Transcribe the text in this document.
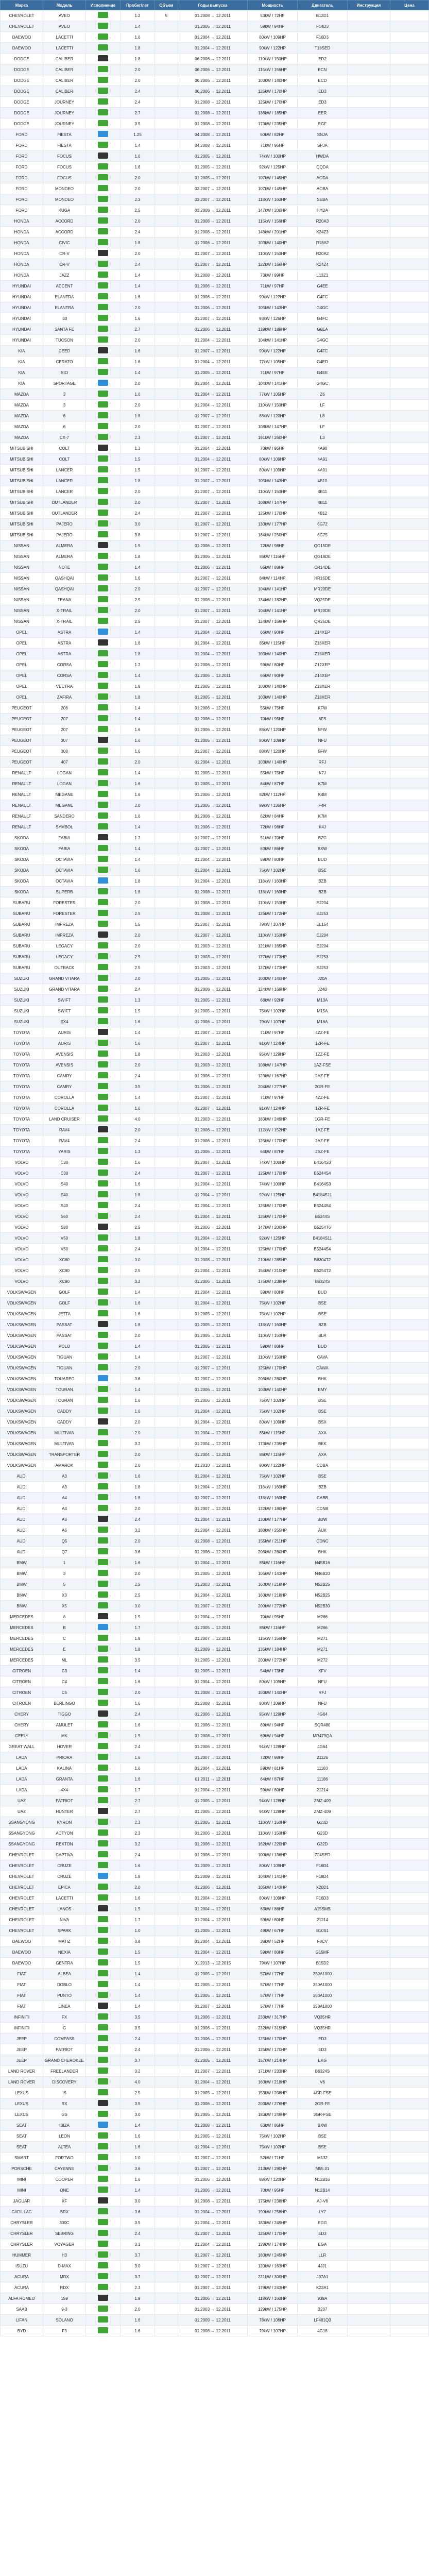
Марка	Модель	Исполнение	Пробег/лет	Объем	Годы выпуска	Мощность	Двигатель	Инструкция	Цена
CHEVROLET	AVEO		1.2	5	01.2008 → 12.2011	53kW / 72HP	B12D1		
CHEVROLET	AVEO		1.4		01.2006 → 12.2011	69kW / 94HP	F14D3		
DAEWOO	LACETTI		1.6		01.2004 → 12.2011	80kW / 109HP	F16D3		
DAEWOO	LACETTI		1.8		01.2004 → 12.2011	90kW / 122HP	T18SED		
DODGE	CALIBER		1.8		06.2006 → 12.2011	110kW / 150HP	ED2		
DODGE	CALIBER		2.0		06.2006 → 12.2011	115kW / 156HP	ECN		
DODGE	CALIBER		2.0		06.2006 → 12.2011	103kW / 140HP	ECD		
DODGE	CALIBER		2.4		06.2006 → 12.2011	125kW / 170HP	ED3		
DODGE	JOURNEY		2.4		01.2008 → 12.2011	125kW / 170HP	ED3		
DODGE	JOURNEY		2.7		01.2008 → 12.2011	136kW / 185HP	EER		
DODGE	JOURNEY		3.5		01.2008 → 12.2011	173kW / 235HP	EGF		
FORD	FIESTA		1.25		04.2008 → 12.2011	60kW / 82HP	SNJA		
FORD	FIESTA		1.4		04.2008 → 12.2011	71kW / 96HP	SPJA		
FORD	FOCUS		1.6		01.2005 → 12.2011	74kW / 100HP	HWDA		
FORD	FOCUS		1.8		01.2005 → 12.2011	92kW / 125HP	QQDA		
FORD	FOCUS		2.0		01.2005 → 12.2011	107kW / 145HP	AODA		
FORD	MONDEO		2.0		03.2007 → 12.2011	107kW / 145HP	AOBA		
FORD	MONDEO		2.3		03.2007 → 12.2011	118kW / 160HP	SEBA		
FORD	KUGA		2.5		03.2008 → 12.2011	147kW / 200HP	HYDA		
HONDA	ACCORD		2.0		01.2008 → 12.2011	115kW / 156HP	R20A3		
HONDA	ACCORD		2.4		01.2008 → 12.2011	148kW / 201HP	K24Z3		
HONDA	CIVIC		1.8		01.2006 → 12.2011	103kW / 140HP	R18A2		
HONDA	CR-V		2.0		01.2007 → 12.2011	110kW / 150HP	R20A2		
HONDA	CR-V		2.4		01.2007 → 12.2011	122kW / 166HP	K24Z4		
HONDA	JAZZ		1.4		01.2008 → 12.2011	73kW / 99HP	L13Z1		
HYUNDAI	ACCENT		1.4		01.2006 → 12.2011	71kW / 97HP	G4EE		
HYUNDAI	ELANTRA		1.6		01.2006 → 12.2011	90kW / 122HP	G4FC		
HYUNDAI	ELANTRA		2.0		01.2006 → 12.2011	105kW / 143HP	G4GC		
HYUNDAI	i30		1.6		01.2007 → 12.2011	93kW / 126HP	G4FC		
HYUNDAI	SANTA FE		2.7		01.2006 → 12.2011	139kW / 189HP	G6EA		
HYUNDAI	TUCSON		2.0		01.2004 → 12.2011	104kW / 141HP	G4GC		
KIA	CEED		1.6		01.2007 → 12.2011	90kW / 122HP	G4FC		
KIA	CERATO		1.6		01.2004 → 12.2011	77kW / 105HP	G4ED		
KIA	RIO		1.4		01.2005 → 12.2011	71kW / 97HP	G4EE		
KIA	SPORTAGE		2.0		01.2004 → 12.2011	104kW / 141HP	G4GC		
MAZDA	3		1.6		01.2004 → 12.2011	77kW / 105HP	Z6		
MAZDA	3		2.0		01.2004 → 12.2011	110kW / 150HP	LF		
MAZDA	6		1.8		01.2007 → 12.2011	88kW / 120HP	L8		
MAZDA	6		2.0		01.2007 → 12.2011	108kW / 147HP	LF		
MAZDA	CX-7		2.3		01.2007 → 12.2011	191kW / 260HP	L3		
MITSUBISHI	COLT		1.3		01.2004 → 12.2011	70kW / 95HP	4A90		
MITSUBISHI	COLT		1.5		01.2004 → 12.2011	80kW / 109HP	4A91		
MITSUBISHI	LANCER		1.5		01.2007 → 12.2011	80kW / 109HP	4A91		
MITSUBISHI	LANCER		1.8		01.2007 → 12.2011	105kW / 143HP	4B10		
MITSUBISHI	LANCER		2.0		01.2007 → 12.2011	110kW / 150HP	4B11		
MITSUBISHI	OUTLANDER		2.0		01.2007 → 12.2011	108kW / 147HP	4B11		
MITSUBISHI	OUTLANDER		2.4		01.2007 → 12.2011	125kW / 170HP	4B12		
MITSUBISHI	PAJERO		3.0		01.2007 → 12.2011	130kW / 177HP	6G72		
MITSUBISHI	PAJERO		3.8		01.2007 → 12.2011	184kW / 250HP	6G75		
NISSAN	ALMERA		1.5		01.2006 → 12.2011	72kW / 98HP	QG15DE		
NISSAN	ALMERA		1.8		01.2006 → 12.2011	85kW / 116HP	QG18DE		
NISSAN	NOTE		1.4		01.2006 → 12.2011	65kW / 88HP	CR14DE		
NISSAN	QASHQAI		1.6		01.2007 → 12.2011	84kW / 114HP	HR16DE		
NISSAN	QASHQAI		2.0		01.2007 → 12.2011	104kW / 141HP	MR20DE		
NISSAN	TEANA		2.5		01.2008 → 12.2011	134kW / 182HP	VQ25DE		
NISSAN	X-TRAIL		2.0		01.2007 → 12.2011	104kW / 141HP	MR20DE		
NISSAN	X-TRAIL		2.5		01.2007 → 12.2011	124kW / 169HP	QR25DE		
OPEL	ASTRA		1.4		01.2004 → 12.2011	66kW / 90HP	Z14XEP		
OPEL	ASTRA		1.6		01.2004 → 12.2011	85kW / 115HP	Z16XER		
OPEL	ASTRA		1.8		01.2004 → 12.2011	103kW / 140HP	Z18XER		
OPEL	CORSA		1.2		01.2006 → 12.2011	59kW / 80HP	Z12XEP		
OPEL	CORSA		1.4		01.2006 → 12.2011	66kW / 90HP	Z14XEP		
OPEL	VECTRA		1.8		01.2005 → 12.2011	103kW / 140HP	Z18XER		
OPEL	ZAFIRA		1.8		01.2005 → 12.2011	103kW / 140HP	Z18XER		
PEUGEOT	206		1.4		01.2006 → 12.2011	55kW / 75HP	KFW		
PEUGEOT	207		1.4		01.2006 → 12.2011	70kW / 95HP	8FS		
PEUGEOT	207		1.6		01.2006 → 12.2011	88kW / 120HP	5FW		
PEUGEOT	307		1.6		01.2005 → 12.2011	80kW / 109HP	NFU		
PEUGEOT	308		1.6		01.2007 → 12.2011	88kW / 120HP	5FW		
PEUGEOT	407		2.0		01.2004 → 12.2011	103kW / 140HP	RFJ		
RENAULT	LOGAN		1.4		01.2005 → 12.2011	55kW / 75HP	K7J		
RENAULT	LOGAN		1.6		01.2005 → 12.2011	64kW / 87HP	K7M		
RENAULT	MEGANE		1.6		01.2006 → 12.2011	82kW / 112HP	K4M		
RENAULT	MEGANE		2.0		01.2006 → 12.2011	99kW / 135HP	F4R		
RENAULT	SANDERO		1.6		01.2008 → 12.2011	62kW / 84HP	K7M		
RENAULT	SYMBOL		1.4		01.2006 → 12.2011	72kW / 98HP	K4J		
SKODA	FABIA		1.2		01.2007 → 12.2011	51kW / 70HP	BZG		
SKODA	FABIA		1.4		01.2007 → 12.2011	63kW / 86HP	BXW		
SKODA	OCTAVIA		1.4		01.2004 → 12.2011	59kW / 80HP	BUD		
SKODA	OCTAVIA		1.6		01.2004 → 12.2011	75kW / 102HP	BSE		
SKODA	OCTAVIA		1.8		01.2004 → 12.2011	118kW / 160HP	BZB		
SKODA	SUPERB		1.8		01.2008 → 12.2011	118kW / 160HP	BZB		
SUBARU	FORESTER		2.0		01.2008 → 12.2011	110kW / 150HP	EJ204		
SUBARU	FORESTER		2.5		01.2008 → 12.2011	126kW / 172HP	EJ253		
SUBARU	IMPREZA		1.5		01.2007 → 12.2011	79kW / 107HP	EL154		
SUBARU	IMPREZA		2.0		01.2007 → 12.2011	110kW / 150HP	EJ204		
SUBARU	LEGACY		2.0		01.2003 → 12.2011	121kW / 165HP	EJ204		
SUBARU	LEGACY		2.5		01.2003 → 12.2011	127kW / 173HP	EJ253		
SUBARU	OUTBACK		2.5		01.2003 → 12.2011	127kW / 173HP	EJ253		
SUZUKI	GRAND VITARA		2.0		01.2005 → 12.2011	103kW / 140HP	J20A		
SUZUKI	GRAND VITARA		2.4		01.2008 → 12.2011	124kW / 169HP	J24B		
SUZUKI	SWIFT		1.3		01.2005 → 12.2011	68kW / 92HP	M13A		
SUZUKI	SWIFT		1.5		01.2005 → 12.2011	75kW / 102HP	M15A		
SUZUKI	SX4		1.6		01.2006 → 12.2011	79kW / 107HP	M16A		
TOYOTA	AURIS		1.4		01.2007 → 12.2011	71kW / 97HP	4ZZ-FE		
TOYOTA	AURIS		1.6		01.2007 → 12.2011	91kW / 124HP	1ZR-FE		
TOYOTA	AVENSIS		1.8		01.2003 → 12.2011	95kW / 129HP	1ZZ-FE		
TOYOTA	AVENSIS		2.0		01.2003 → 12.2011	108kW / 147HP	1AZ-FSE		
TOYOTA	CAMRY		2.4		01.2006 → 12.2011	123kW / 167HP	2AZ-FE		
TOYOTA	CAMRY		3.5		01.2006 → 12.2011	204kW / 277HP	2GR-FE		
TOYOTA	COROLLA		1.4		01.2007 → 12.2011	71kW / 97HP	4ZZ-FE		
TOYOTA	COROLLA		1.6		01.2007 → 12.2011	91kW / 124HP	1ZR-FE		
TOYOTA	LAND CRUISER		4.0		01.2003 → 12.2011	183kW / 249HP	1GR-FE		
TOYOTA	RAV4		2.0		01.2006 → 12.2011	112kW / 152HP	1AZ-FE		
TOYOTA	RAV4		2.4		01.2006 → 12.2011	125kW / 170HP	2AZ-FE		
TOYOTA	YARIS		1.3		01.2006 → 12.2011	64kW / 87HP	2SZ-FE		
VOLVO	C30		1.6		01.2007 → 12.2011	74kW / 100HP	B4164S3		
VOLVO	C30		2.4		01.2007 → 12.2011	125kW / 170HP	B5244S4		
VOLVO	S40		1.6		01.2004 → 12.2011	74kW / 100HP	B4164S3		
VOLVO	S40		1.8		01.2004 → 12.2011	92kW / 125HP	B4184S11		
VOLVO	S40		2.4		01.2004 → 12.2011	125kW / 170HP	B5244S4		
VOLVO	S60		2.4		01.2004 → 12.2011	125kW / 170HP	B5244S		
VOLVO	S80		2.5		01.2006 → 12.2011	147kW / 200HP	B5254T6		
VOLVO	V50		1.8		01.2004 → 12.2011	92kW / 125HP	B4184S11		
VOLVO	V50		2.4		01.2004 → 12.2011	125kW / 170HP	B5244S4		
VOLVO	XC60		3.0		01.2008 → 12.2011	210kW / 285HP	B6304T2		
VOLVO	XC90		2.5		01.2004 → 12.2011	154kW / 210HP	B5254T2		
VOLVO	XC90		3.2		01.2006 → 12.2011	175kW / 238HP	B6324S		
VOLKSWAGEN	GOLF		1.4		01.2004 → 12.2011	59kW / 80HP	BUD		
VOLKSWAGEN	GOLF		1.6		01.2004 → 12.2011	75kW / 102HP	BSE		
VOLKSWAGEN	JETTA		1.6		01.2005 → 12.2011	75kW / 102HP	BSE		
VOLKSWAGEN	PASSAT		1.8		01.2005 → 12.2011	118kW / 160HP	BZB		
VOLKSWAGEN	PASSAT		2.0		01.2005 → 12.2011	110kW / 150HP	BLR		
VOLKSWAGEN	POLO		1.4		01.2005 → 12.2011	59kW / 80HP	BUD		
VOLKSWAGEN	TIGUAN		1.4		01.2007 → 12.2011	110kW / 150HP	CAVA		
VOLKSWAGEN	TIGUAN		2.0		01.2007 → 12.2011	125kW / 170HP	CAWA		
VOLKSWAGEN	TOUAREG		3.6		01.2007 → 12.2011	206kW / 280HP	BHK		
VOLKSWAGEN	TOURAN		1.4		01.2006 → 12.2011	103kW / 140HP	BMY		
VOLKSWAGEN	TOURAN		1.6		01.2006 → 12.2011	75kW / 102HP	BSE		
VOLKSWAGEN	CADDY		1.6		01.2004 → 12.2011	75kW / 102HP	BSE		
VOLKSWAGEN	CADDY		2.0		01.2004 → 12.2011	80kW / 109HP	BSX		
VOLKSWAGEN	MULTIVAN		2.0		01.2004 → 12.2011	85kW / 115HP	AXA		
VOLKSWAGEN	MULTIVAN		3.2		01.2004 → 12.2011	173kW / 235HP	BKK		
VOLKSWAGEN	TRANSPORTER		2.0		01.2004 → 12.2011	85kW / 115HP	AXA		
VOLKSWAGEN	AMAROK		2.0		01.2010 → 12.2011	90kW / 122HP	CDBA		
AUDI	A3		1.6		01.2004 → 12.2011	75kW / 102HP	BSE		
AUDI	A3		1.8		01.2004 → 12.2011	118kW / 160HP	BZB		
AUDI	A4		1.8		01.2007 → 12.2011	118kW / 160HP	CABB		
AUDI	A4		2.0		01.2007 → 12.2011	132kW / 180HP	CDNB		
AUDI	A6		2.4		01.2004 → 12.2011	130kW / 177HP	BDW		
AUDI	A6		3.2		01.2004 → 12.2011	188kW / 255HP	AUK		
AUDI	Q5		2.0		01.2008 → 12.2011	155kW / 211HP	CDNC		
AUDI	Q7		3.6		01.2006 → 12.2011	206kW / 280HP	BHK		
BMW	1		1.6		01.2004 → 12.2011	85kW / 116HP	N45B16		
BMW	3		2.0		01.2005 → 12.2011	105kW / 143HP	N46B20		
BMW	5		2.5		01.2003 → 12.2011	160kW / 218HP	N52B25		
BMW	X3		2.5		01.2004 → 12.2011	160kW / 218HP	N52B25		
BMW	X5		3.0		01.2007 → 12.2011	200kW / 272HP	N52B30		
MERCEDES	A		1.5		01.2004 → 12.2011	70kW / 95HP	M266		
MERCEDES	B		1.7		01.2005 → 12.2011	85kW / 116HP	M266		
MERCEDES	C		1.8		01.2007 → 12.2011	115kW / 156HP	M271		
MERCEDES	E		1.8		01.2009 → 12.2011	135kW / 184HP	M271		
MERCEDES	ML		3.5		01.2005 → 12.2011	200kW / 272HP	M272		
CITROEN	C3		1.4		01.2005 → 12.2011	54kW / 73HP	KFV		
CITROEN	C4		1.6		01.2004 → 12.2011	80kW / 109HP	NFU		
CITROEN	C5		2.0		01.2008 → 12.2011	103kW / 140HP	RFJ		
CITROEN	BERLINGO		1.6		01.2008 → 12.2011	80kW / 109HP	NFU		
CHERY	TIGGO		2.4		01.2006 → 12.2011	95kW / 129HP	4G64		
CHERY	AMULET		1.6		01.2006 → 12.2011	69kW / 94HP	SQR480		
GEELY	MK		1.5		01.2008 → 12.2011	69kW / 94HP	MR479QA		
GREAT WALL	HOVER		2.4		01.2006 → 12.2011	94kW / 128HP	4G64		
LADA	PRIORA		1.6		01.2007 → 12.2011	72kW / 98HP	21126		
LADA	KALINA		1.6		01.2004 → 12.2011	59kW / 81HP	11183		
LADA	GRANTA		1.6		01.2011 → 12.2011	64kW / 87HP	11186		
LADA	4X4		1.7		01.2004 → 12.2011	59kW / 80HP	21214		
UAZ	PATRIOT		2.7		01.2005 → 12.2011	94kW / 128HP	ZMZ-409		
UAZ	HUNTER		2.7		01.2005 → 12.2011	94kW / 128HP	ZMZ-409		
SSANGYONG	KYRON		2.3		01.2005 → 12.2011	110kW / 150HP	G23D		
SSANGYONG	ACTYON		2.3		01.2006 → 12.2011	110kW / 150HP	G23D		
SSANGYONG	REXTON		3.2		01.2006 → 12.2011	162kW / 220HP	G32D		
CHEVROLET	CAPTIVA		2.4		01.2006 → 12.2011	100kW / 136HP	Z24SED		
CHEVROLET	CRUZE		1.6		01.2009 → 12.2011	80kW / 109HP	F16D4		
CHEVROLET	CRUZE		1.8		01.2009 → 12.2011	104kW / 141HP	F18D4		
CHEVROLET	EPICA		2.0		01.2006 → 12.2011	105kW / 143HP	X20D1		
CHEVROLET	LACETTI		1.6		01.2004 → 12.2011	80kW / 109HP	F16D3		
CHEVROLET	LANOS		1.5		01.2004 → 12.2011	63kW / 86HP	A15SMS		
CHEVROLET	NIVA		1.7		01.2004 → 12.2011	59kW / 80HP	21214		
CHEVROLET	SPARK		1.0		01.2005 → 12.2011	49kW / 67HP	B10S1		
DAEWOO	MATIZ		0.8		01.2004 → 12.2011	38kW / 52HP	F8CV		
DAEWOO	NEXIA		1.5		01.2004 → 12.2011	59kW / 80HP	G15MF		
DAEWOO	GENTRA		1.5		01.2013 → 12.2015	79kW / 107HP	B15D2		
FIAT	ALBEA		1.4		01.2005 → 12.2011	57kW / 77HP	350A1000		
FIAT	DOBLO		1.4		01.2005 → 12.2011	57kW / 77HP	350A1000		
FIAT	PUNTO		1.4		01.2005 → 12.2011	57kW / 77HP	350A1000		
FIAT	LINEA		1.4		01.2007 → 12.2011	57kW / 77HP	350A1000		
INFINITI	FX		3.5		01.2006 → 12.2011	233kW / 317HP	VQ35HR		
INFINITI	G		3.5		01.2006 → 12.2011	232kW / 315HP	VQ35HR		
JEEP	COMPASS		2.4		01.2006 → 12.2011	125kW / 170HP	ED3		
JEEP	PATRIOT		2.4		01.2006 → 12.2011	125kW / 170HP	ED3		
JEEP	GRAND CHEROKEE		3.7		01.2005 → 12.2011	157kW / 214HP	EKG		
LAND ROVER	FREELANDER		3.2		01.2007 → 12.2011	171kW / 233HP	B6324S		
LAND ROVER	DISCOVERY		4.0		01.2004 → 12.2011	160kW / 218HP	V6		
LEXUS	IS		2.5		01.2005 → 12.2011	153kW / 208HP	4GR-FSE		
LEXUS	RX		3.5		01.2006 → 12.2011	203kW / 276HP	2GR-FE		
LEXUS	GS		3.0		01.2005 → 12.2011	183kW / 249HP	3GR-FSE		
SEAT	IBIZA		1.4		01.2008 → 12.2011	63kW / 86HP	BXW		
SEAT	LEON		1.6		01.2005 → 12.2011	75kW / 102HP	BSE		
SEAT	ALTEA		1.6		01.2004 → 12.2011	75kW / 102HP	BSE		
SMART	FORTWO		1.0		01.2007 → 12.2011	52kW / 71HP	M132		
PORSCHE	CAYENNE		3.6		01.2007 → 12.2011	213kW / 290HP	M55.01		
MINI	COOPER		1.6		01.2006 → 12.2011	88kW / 120HP	N12B16		
MINI	ONE		1.4		01.2006 → 12.2011	70kW / 95HP	N12B14		
JAGUAR	XF		3.0		01.2008 → 12.2011	175kW / 238HP	AJ-V6		
CADILLAC	SRX		3.6		01.2004 → 12.2011	190kW / 258HP	LY7		
CHRYSLER	300C		3.5		01.2004 → 12.2011	183kW / 249HP	EGG		
CHRYSLER	SEBRING		2.4		01.2007 → 12.2011	125kW / 170HP	ED3		
CHRYSLER	VOYAGER		3.3		01.2004 → 12.2011	128kW / 174HP	EGA		
HUMMER	H3		3.7		01.2007 → 12.2011	180kW / 245HP	LLR		
ISUZU	D-MAX		3.0		01.2007 → 12.2011	120kW / 163HP	4JJ1		
ACURA	MDX		3.7		01.2007 → 12.2011	221kW / 300HP	J37A1		
ACURA	RDX		2.3		01.2007 → 12.2011	179kW / 243HP	K23A1		
ALFA ROMEO	159		1.9		01.2006 → 12.2011	118kW / 160HP	939A		
SAAB	9-3		2.0		01.2003 → 12.2011	129kW / 175HP	B207		
LIFAN	SOLANO		1.6		01.2009 → 12.2011	78kW / 106HP	LF481Q3		
BYD	F3		1.6		01.2008 → 12.2011	79kW / 107HP	4G18		
